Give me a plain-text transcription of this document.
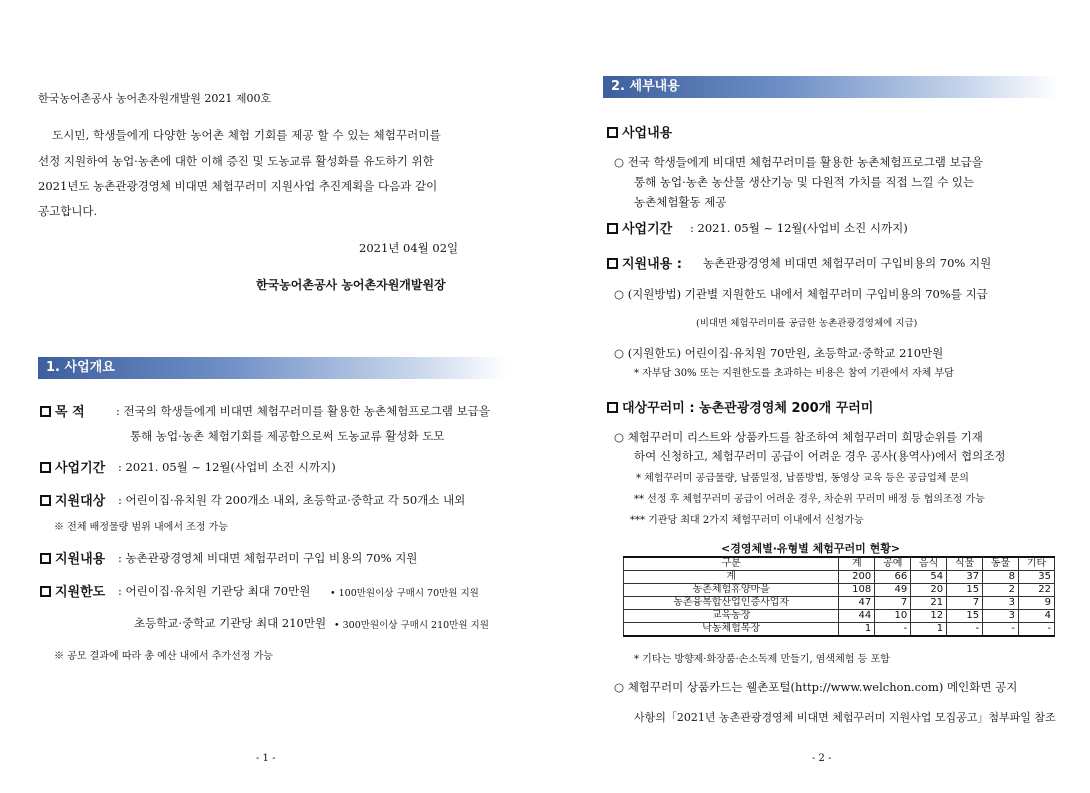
한국농어촌공사 농어촌자원개발원 2021 제00호
도시민, 학생들에게 다양한 농어촌 체험 기회를 제공 할 수 있는 체험꾸러미를
선정 지원하여 농업·농촌에 대한 이해 증진 및 도농교류 활성화를 유도하기 위한
2021년도 농촌관광경영체 비대면 체험꾸러미 지원사업 추진계획을 다음과 같이
공고합니다.
2021년 04월 02일
한국농어촌공사 농어촌자원개발원장
1. 사업개요
목 적	: 전국의 학생들에게 비대면 체험꾸러미를 활용한 농촌체험프로그램 보급을
통해 농업·농촌 체험기회를 제공함으로써 도농교류 활성화 도모
사업기간 : 2021. 05월 ~ 12월(사업비 소진 시까지)
지원대상 : 어린이집·유치원 각 200개소 내외, 초등학교·중학교 각 50개소 내외
※ 전체 배정물량 범위 내에서 조정 가능
지원내용 : 농촌관광경영체 비대면 체험꾸러미 구입 비용의 70% 지원
지원한도 : 어린이집·유치원 기관당 최대 70만원 • 100만원이상 구매시 70만원 지원
초등학교·중학교 기관당 최대 210만원 • 300만원이상 구매시 210만원 지원
※ 공모 결과에 따라 총 예산 내에서 추가선정 가능
- 1 -
2. 세부내용
사업내용
○ 전국 학생들에게 비대면 체험꾸러미를 활용한 농촌체험프로그램 보급을
통해 농업·농촌 농산물 생산기능 및 다원적 가치를 직접 느낄 수 있는
농촌체험활동 제공
사업기간 : 2021. 05월 ~ 12월(사업비 소진 시까지)
지원내용 : 농촌관광경영체 비대면 체험꾸러미 구입비용의 70% 지원
○ (지원방법) 기관별 지원한도 내에서 체험꾸러미 구입비용의 70%를 지급
(비대면 체험꾸러미를 공급한 농촌관광경영체에 지급)
○ (지원한도) 어린이집·유치원 70만원, 초등학교·중학교 210만원
* 자부담 30% 또는 지원한도를 초과하는 비용은 참여 기관에서 자체 부담
대상꾸러미 : 농촌관광경영체 200개 꾸러미
○ 체험꾸러미 리스트와 상품카드를 참조하여 체험꾸러미 희망순위를 기재
하여 신청하고, 체험꾸러미 공급이 어려운 경우 공사(용역사)에서 협의조정
* 체험꾸러미 공급물량, 납품일정, 납품방법, 동영상 교육 등은 공급업체 문의
** 선정 후 체험꾸러미 공급이 어려운 경우, 차순위 꾸러미 배정 등 협의조정 가능
*** 기관당 최대 2가지 체험꾸러미 이내에서 신청가능
<경영체별·유형별 체험꾸러미 현황>
구분	계	공예	음식	식물	동물	기타
계	200	66	54	37	8	35
농촌체험휴양마을	108	49	20	15	2	22
농촌융복합산업인증사업자	47	7	21	7	3	9
교육농장	44	10	12	15	3	4
낙농체험목장	1	-	1	-	-	-
* 기타는 방향제·화장품·손소독제 만들기, 염색체험 등 포함
○ 체험꾸러미 상품카드는 웰촌포털(http://www.welchon.com) 메인화면 공지
사항의「2021년 농촌관광경영체 비대면 체험꾸러미 지원사업 모집공고」첨부파일 참조
- 2 -
